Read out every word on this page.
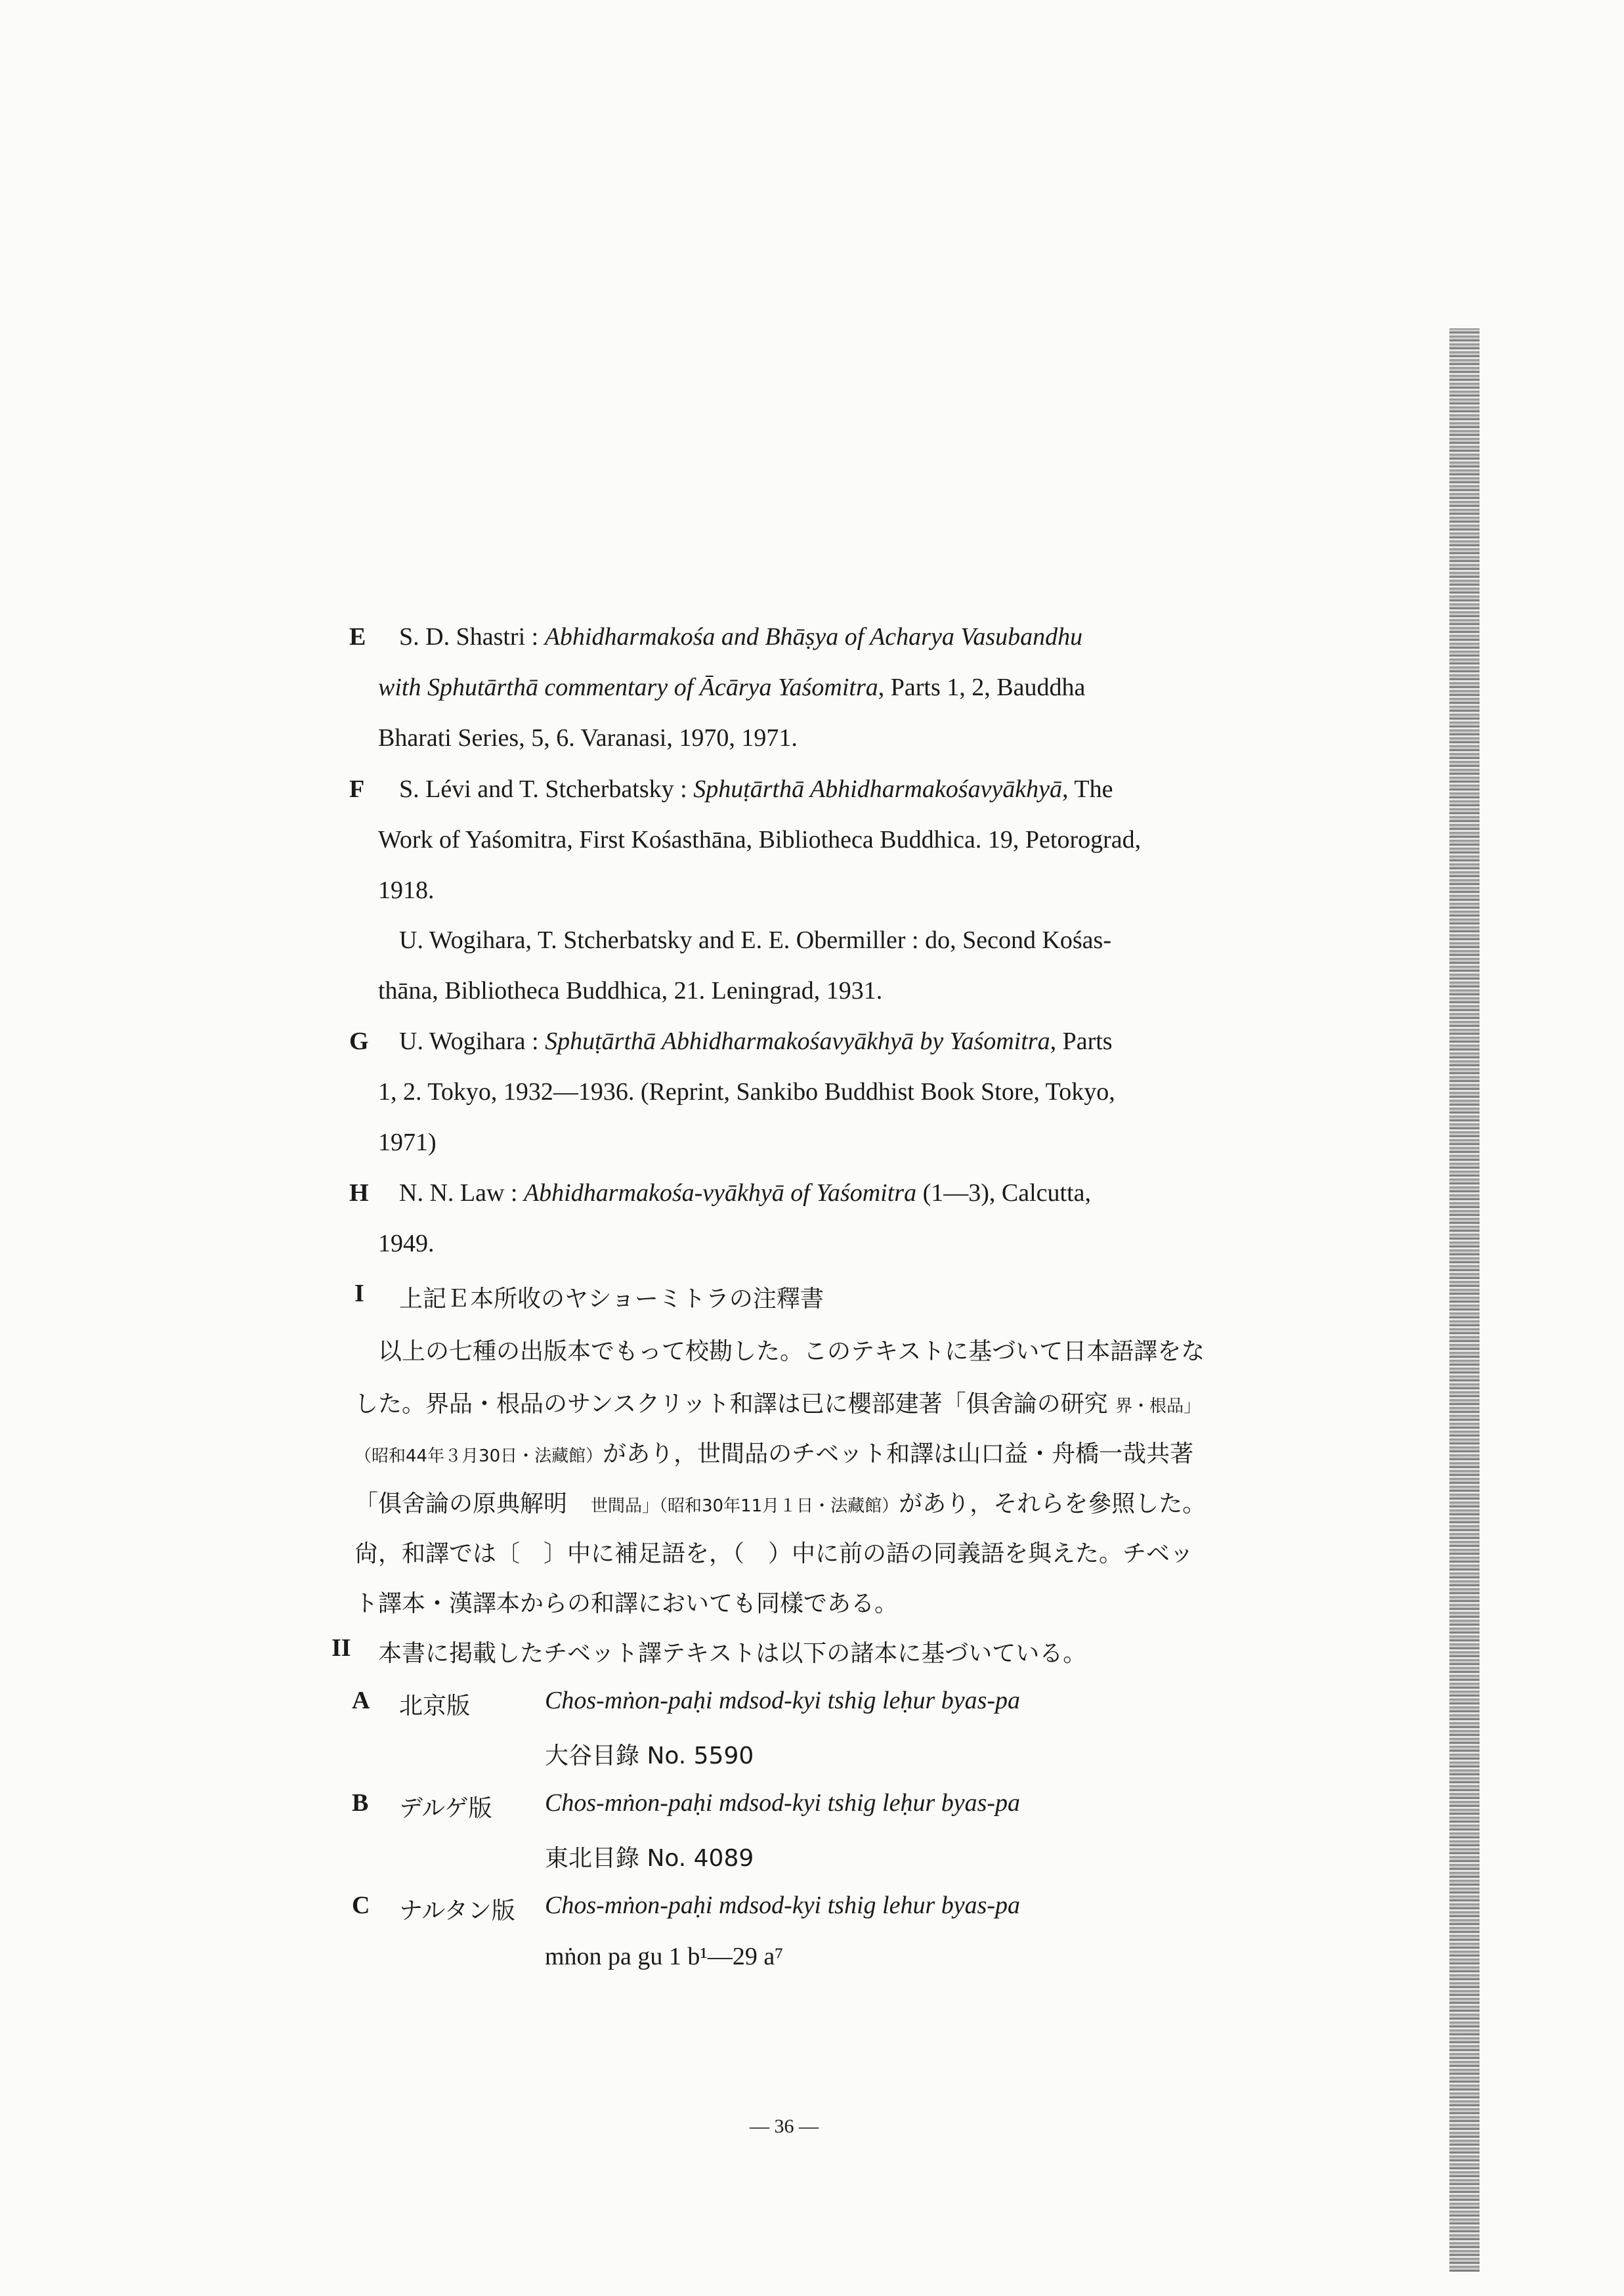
E S. D. Shastri : Abhidharmakośa and Bhāṣya of Acharya Vasubandhu
with Sphutārthā commentary of Ācārya Yaśomitra, Parts 1, 2, Bauddha
Bharati Series, 5, 6. Varanasi, 1970, 1971.
F S. Lévi and T. Stcherbatsky : Sphuṭārthā Abhidharmakośavyākhyā, The
Work of Yaśomitra, First Kośasthāna, Bibliotheca Buddhica. 19, Petorograd,
1918.
U. Wogihara, T. Stcherbatsky and E. E. Obermiller : do, Second Kośas-
thāna, Bibliotheca Buddhica, 21. Leningrad, 1931.
G U. Wogihara : Sphuṭārthā Abhidharmakośavyākhyā by Yaśomitra, Parts
1, 2. Tokyo, 1932—1936. (Reprint, Sankibo Buddhist Book Store, Tokyo,
1971)
H N. N. Law : Abhidharmakośa-vyākhyā of Yaśomitra (1—3), Calcutta,
1949.
I 上記Ｅ本所收のヤショーミトラの注釋書
以上の七種の出版本でもって校勘した。このテキストに基づいて日本語譯をな
した。界品・根品のサンスクリット和譯は已に櫻部建著「俱舍論の研究 界・根品」
（昭和44年３月30日・法藏館）があり，世間品のチベット和譯は山口益・舟橋一哉共著
「俱舍論の原典解明　世間品」（昭和30年11月１日・法藏館）があり，それらを參照した。
尙，和譯では〔　〕中に補足語を，（　）中に前の語の同義語を與えた。チベッ
ト譯本・漢譯本からの和譯においても同樣である。
II 本書に掲載したチベット譯テキストは以下の諸本に基づいている。
A 北京版	Chos-mṅon-paḥi mdsod-kyi tshig leḥur byas-pa
大谷目錄 No. 5590
B デルゲ版 Chos-mṅon-paḥi mdsod-kyi tshig leḥur byas-pa
東北目錄 No. 4089
C ナルタン版 Chos-mṅon-paḥi mdsod-kyi tshig lehur byas-pa
mṅon pa gu 1 b¹—29 a⁷
— 36 —
